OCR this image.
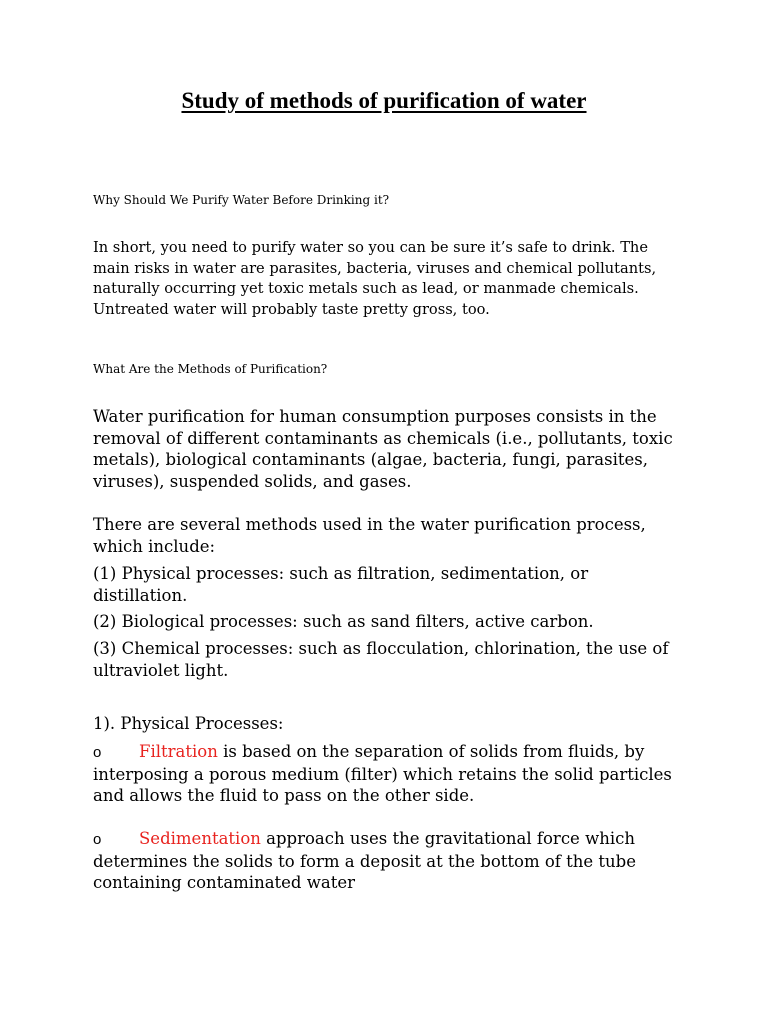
Study of methods of purification of water

Why Should We Purify Water Before Drinking it?

In short, you need to purify water so you can be sure it’s safe to drink. The main risks in water are parasites, bacteria, viruses and chemical pollutants, naturally occurring yet toxic metals such as lead, or manmade chemicals. Untreated water will probably taste pretty gross, too.

What Are the Methods of Purification?

Water purification for human consumption purposes consists in the removal of different contaminants as chemicals (i.e., pollutants, toxic metals), biological contaminants (algae, bacteria, fungi, parasites, viruses), suspended solids, and gases.

There are several methods used in the water purification process, which include:

(1) Physical processes: such as filtration, sedimentation, or distillation.

(2) Biological processes: such as sand filters, active carbon.

(3) Chemical processes: such as flocculation, chlorination, the use of ultraviolet light.

1). Physical Processes:

o Filtration is based on the separation of solids from fluids, by interposing a porous medium (filter) which retains the solid particles and allows the fluid to pass on the other side.

o Sedimentation approach uses the gravitational force which determines the solids to form a deposit at the bottom of the tube containing contaminated water
